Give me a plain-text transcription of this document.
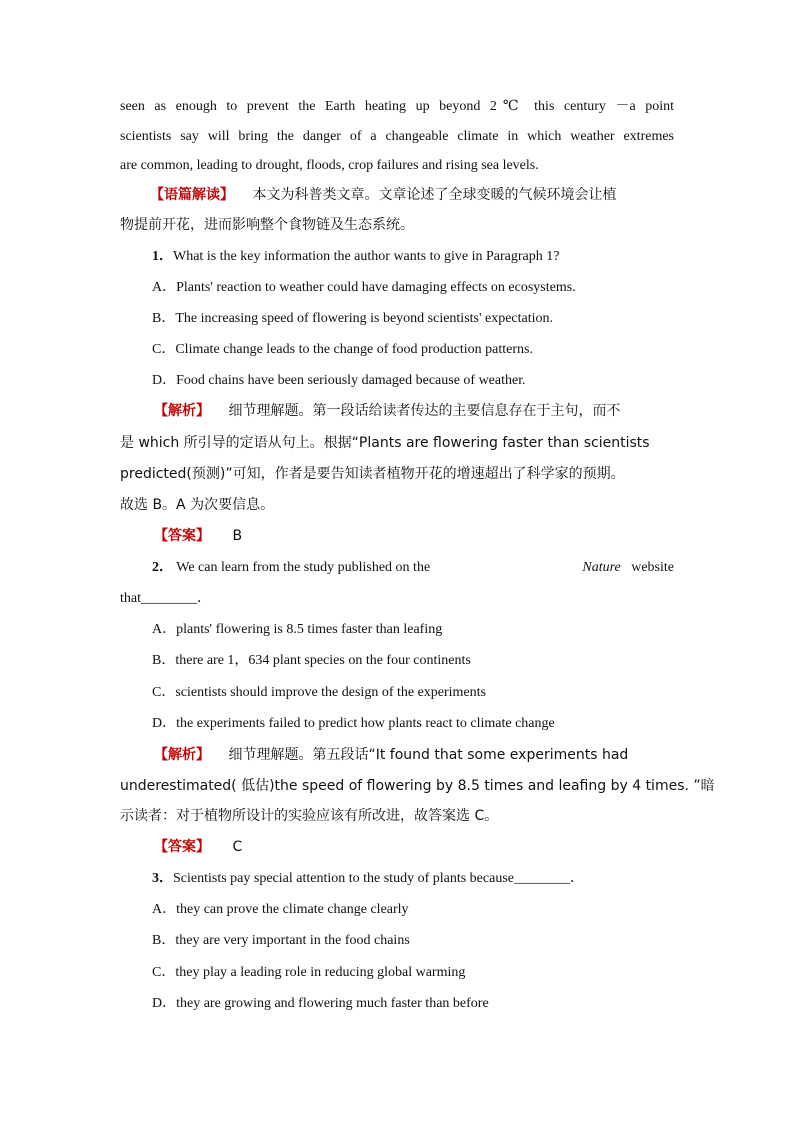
seen as enough to prevent the Earth heating up beyond 2℃ this century －a point
scientists say will bring the danger of a changeable climate in which weather extremes
are common, leading to drought, floods, crop failures and rising sea levels.
【语篇解读】 本文为科普类文章。文章论述了全球变暖的气候环境会让植
物提前开花，进而影响整个食物链及生态系统。
1．What is the key information the author wants to give in Paragraph 1?
A．Plants' reaction to weather could have damaging effects on ecosystems.
B．The increasing speed of flowering is beyond scientists' expectation.
C．Climate change leads to the change of food production patterns.
D．Food chains have been seriously damaged because of weather.
【解析】 细节理解题。第一段话给读者传达的主要信息存在于主句，而不
是 which 所引导的定语从句上。根据“Plants are flowering faster than scientists
predicted(预测)”可知，作者是要告知读者植物开花的增速超出了科学家的预期。
故选 B。A 为次要信息。
【答案】 B
2． We can learn from the study published on the	Nature website
that________．
A．plants' flowering is 8.5 times faster than leafing
B．there are 1，634 plant species on the four continents
C．scientists should improve the design of the experiments
D．the experiments failed to predict how plants react to climate change
【解析】 细节理解题。第五段话“It found that some experiments had
underestimated( 低估)the speed of flowering by 8.5 times and leafing by 4 times. ”暗
示读者：对于植物所设计的实验应该有所改进，故答案选 C。
【答案】 C
3．Scientists pay special attention to the study of plants because________．
A．they can prove the climate change clearly
B．they are very important in the food chains
C．they play a leading role in reducing global warming
D．they are growing and flowering much faster than before
